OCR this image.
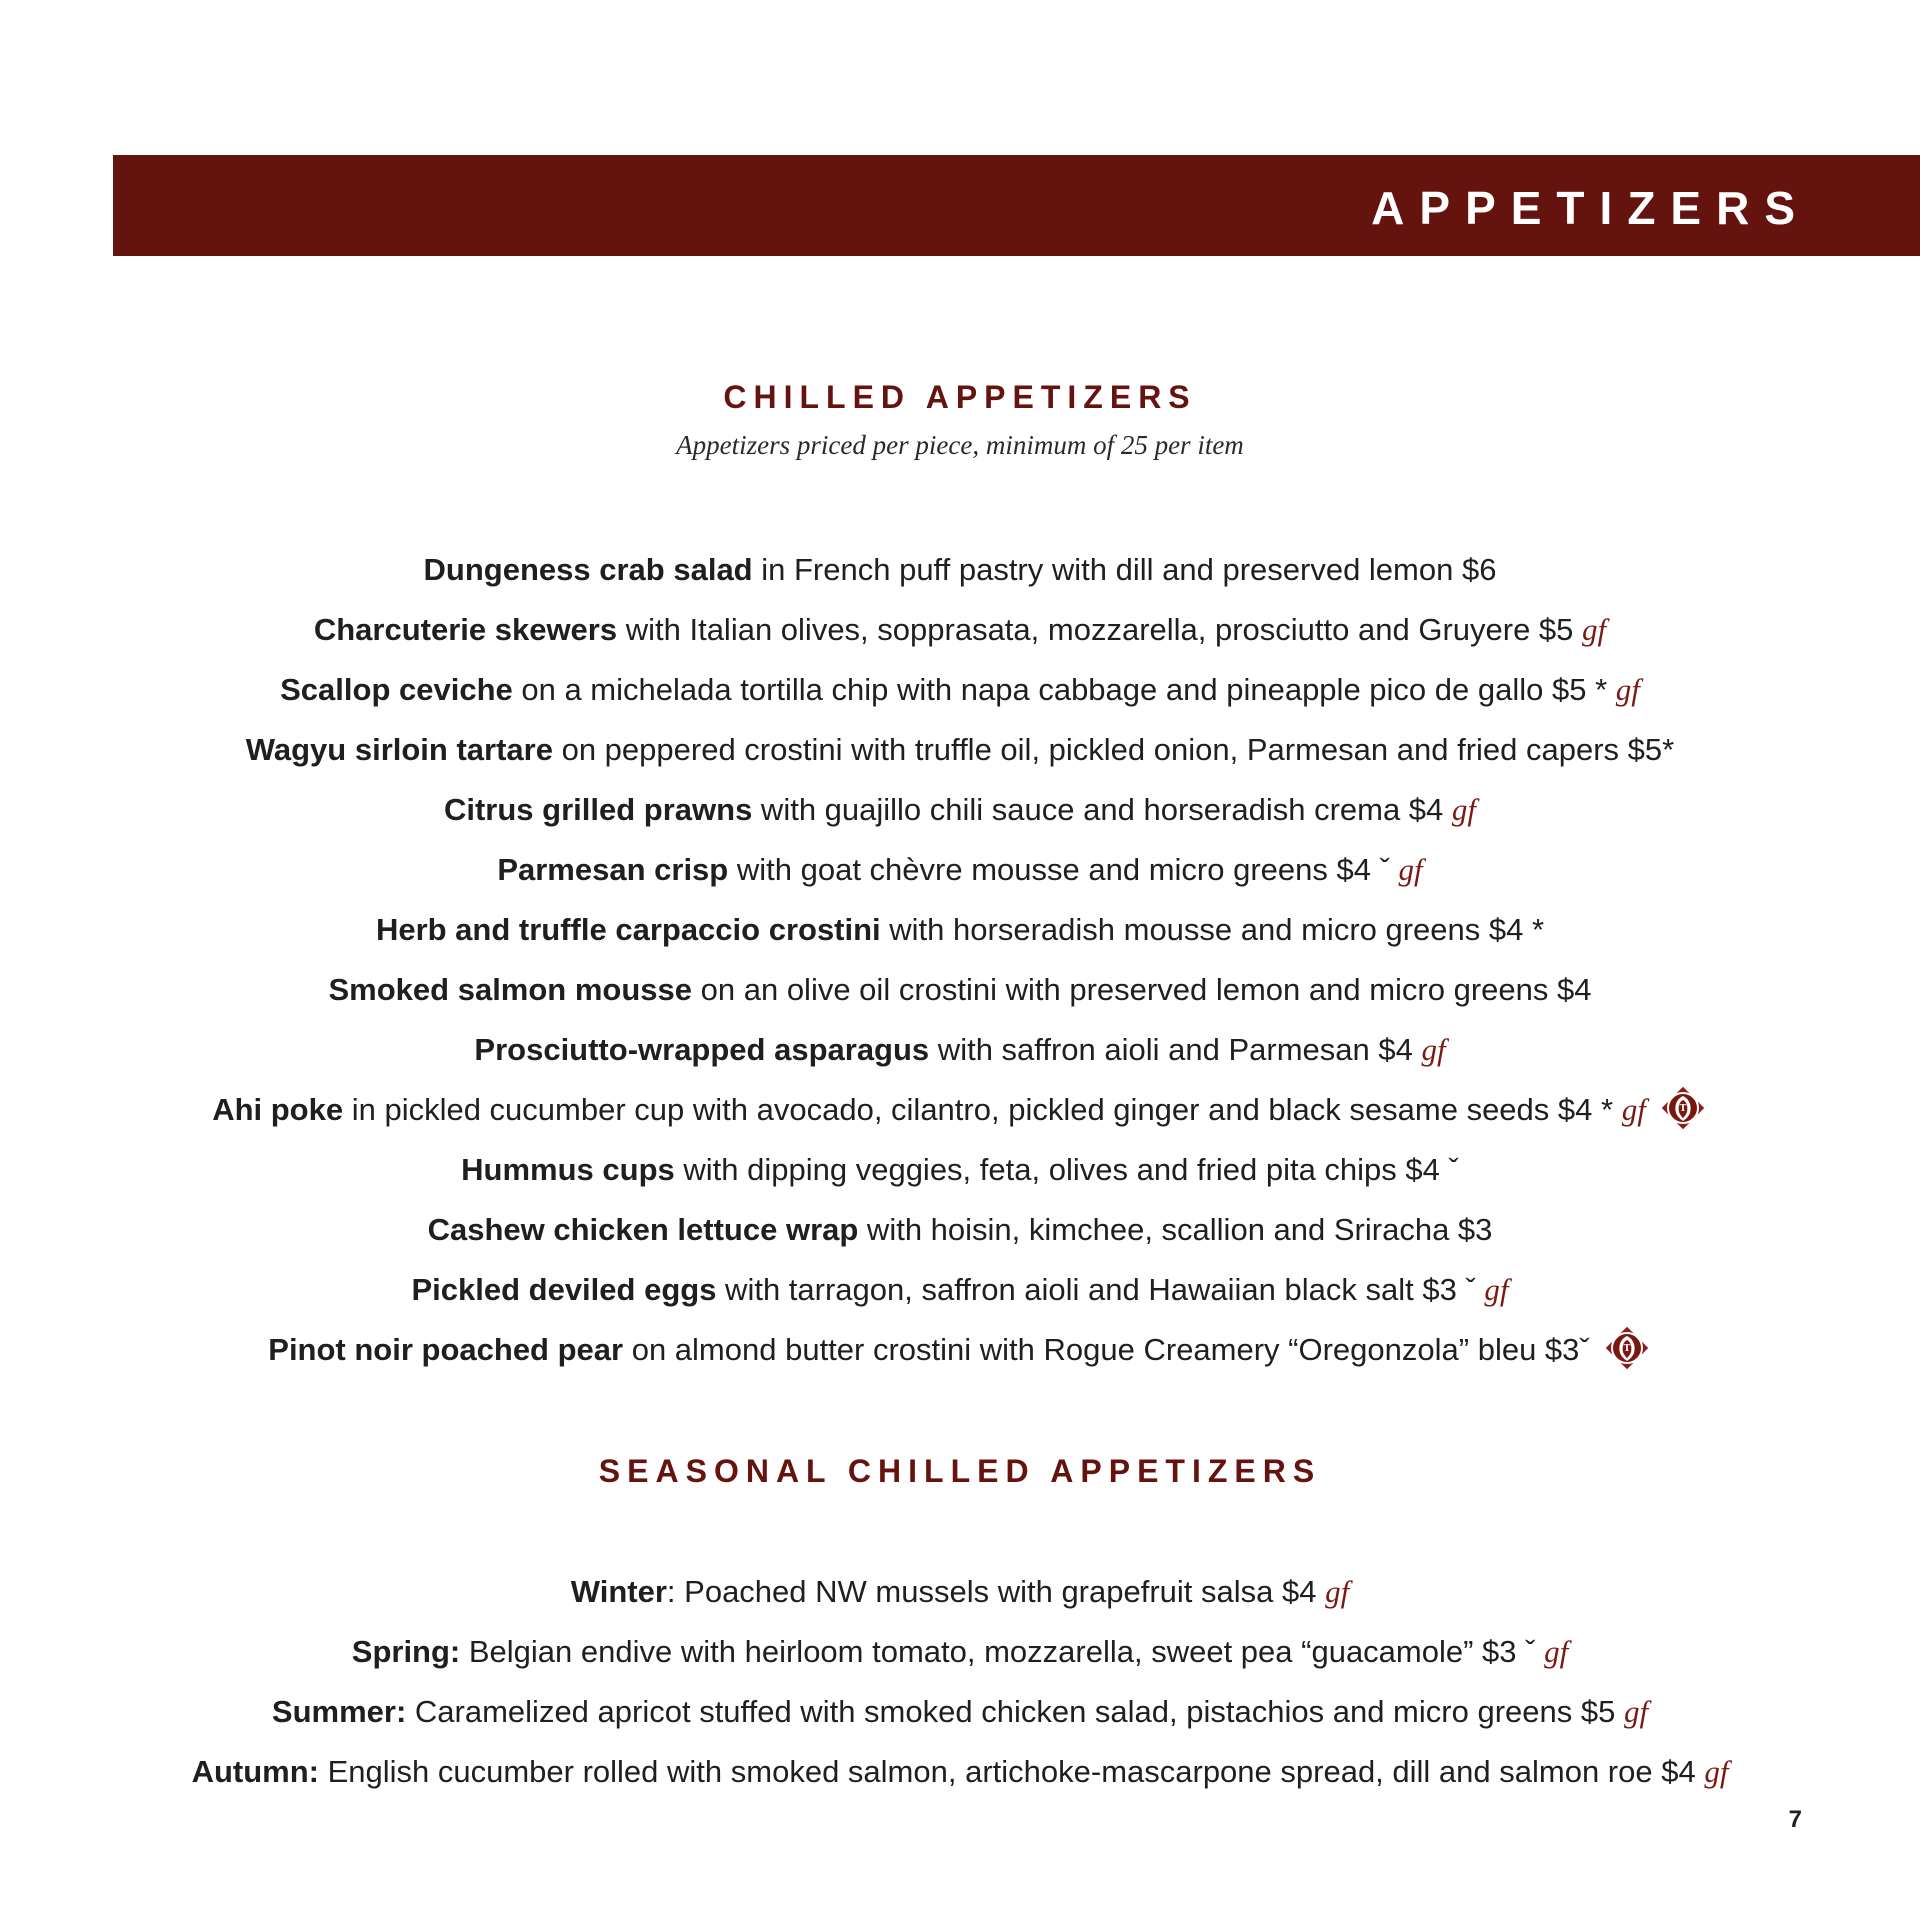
APPETIZERS
CHILLED APPETIZERS
Appetizers priced per piece, minimum of 25 per item
Dungeness crab salad in French puff pastry with dill and preserved lemon $6
Charcuterie skewers with Italian olives, sopprasata, mozzarella, prosciutto and Gruyere $5 gf
Scallop ceviche on a michelada tortilla chip with napa cabbage and pineapple pico de gallo $5 * gf
Wagyu sirloin tartare on peppered crostini with truffle oil, pickled onion, Parmesan and fried capers $5*
Citrus grilled prawns with guajillo chili sauce and horseradish crema $4 gf
Parmesan crisp with goat chèvre mousse and micro greens $4 ˇ gf
Herb and truffle carpaccio crostini with horseradish mousse and micro greens $4 *
Smoked salmon mousse on an olive oil crostini with preserved lemon and micro greens $4
Prosciutto-wrapped asparagus with saffron aioli and Parmesan $4 gf
Ahi poke in pickled cucumber cup with avocado, cilantro, pickled ginger and black sesame seeds $4 * gf	T
Hummus cups with dipping veggies, feta, olives and fried pita chips $4 ˇ
Cashew chicken lettuce wrap with hoisin, kimchee, scallion and Sriracha $3
Pickled deviled eggs with tarragon, saffron aioli and Hawaiian black salt $3 ˇ gf
Pinot noir poached pear on almond butter crostini with Rogue Creamery “Oregonzola” bleu $3ˇ	T
SEASONAL CHILLED APPETIZERS
Winter: Poached NW mussels with grapefruit salsa $4 gf
Spring: Belgian endive with heirloom tomato, mozzarella, sweet pea “guacamole” $3 ˇ gf
Summer: Caramelized apricot stuffed with smoked chicken salad, pistachios and micro greens $5 gf
Autumn: English cucumber rolled with smoked salmon, artichoke-mascarpone spread, dill and salmon roe $4 gf
7
